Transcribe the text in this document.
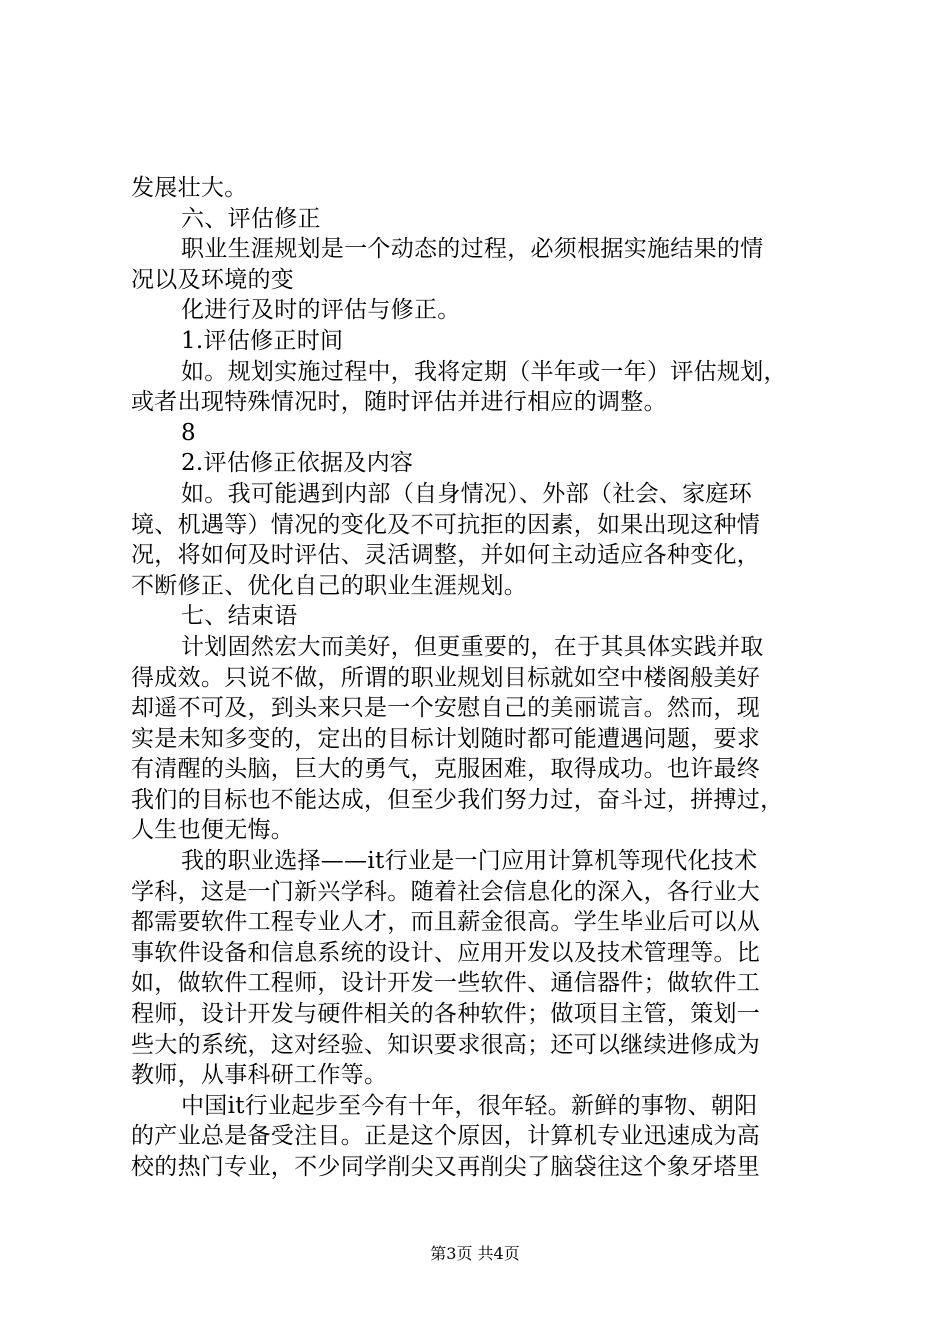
发展壮大。
六、评估修正
职业生涯规划是一个动态的过程，必须根据实施结果的情
况以及环境的变
化进行及时的评估与修正。
1.评估修正时间
如。规划实施过程中，我将定期（半年或一年）评估规划，
或者出现特殊情况时，随时评估并进行相应的调整。
8
2.评估修正依据及内容
如。我可能遇到内部（自身情况）、外部（社会、家庭环
境、机遇等）情况的变化及不可抗拒的因素，如果出现这种情
况，将如何及时评估、灵活调整，并如何主动适应各种变化，
不断修正、优化自己的职业生涯规划。
七、结束语
计划固然宏大而美好，但更重要的，在于其具体实践并取
得成效。只说不做，所谓的职业规划目标就如空中楼阁般美好
却遥不可及，到头来只是一个安慰自己的美丽谎言。然而，现
实是未知多变的，定出的目标计划随时都可能遭遇问题，要求
有清醒的头脑，巨大的勇气，克服困难，取得成功。也许最终
我们的目标也不能达成，但至少我们努力过，奋斗过，拼搏过，
人生也便无悔。
我的职业选择——it行业是一门应用计算机等现代化技术
学科，这是一门新兴学科。随着社会信息化的深入，各行业大
都需要软件工程专业人才，而且薪金很高。学生毕业后可以从
事软件设备和信息系统的设计、应用开发以及技术管理等。比
如，做软件工程师，设计开发一些软件、通信器件；做软件工
程师，设计开发与硬件相关的各种软件；做项目主管，策划一
些大的系统，这对经验、知识要求很高；还可以继续进修成为
教师，从事科研工作等。
中国it行业起步至今有十年，很年轻。新鲜的事物、朝阳
的产业总是备受注目。正是这个原因，计算机专业迅速成为高
校的热门专业，不少同学削尖又再削尖了脑袋往这个象牙塔里
第3页 共4页
